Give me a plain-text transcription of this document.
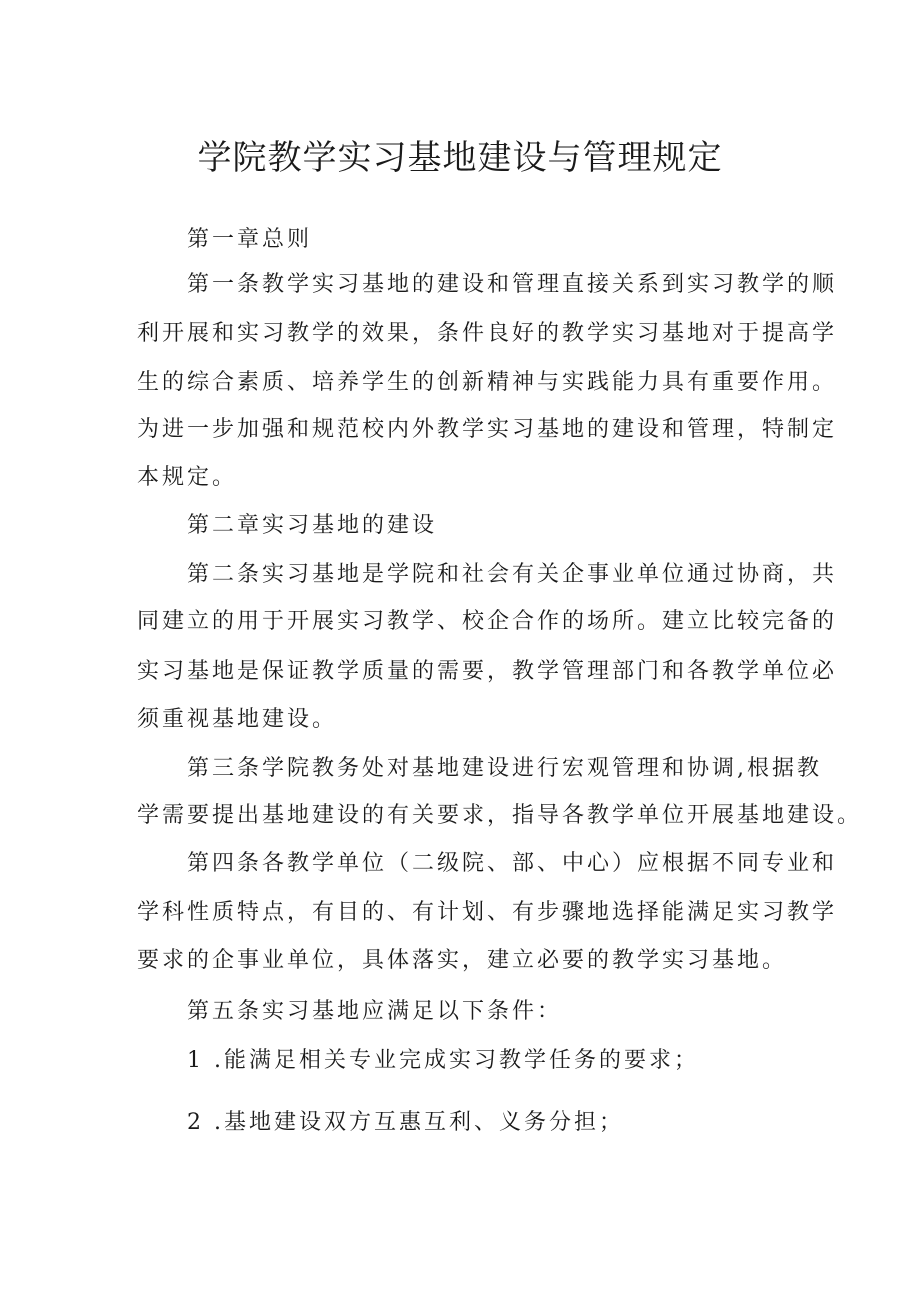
学院教学实习基地建设与管理规定
第一章总则
第一条教学实习基地的建设和管理直接关系到实习教学的顺
利开展和实习教学的效果，条件良好的教学实习基地对于提高学
生的综合素质、培养学生的创新精神与实践能力具有重要作用。
为进一步加强和规范校内外教学实习基地的建设和管理，特制定
本规定。
第二章实习基地的建设
第二条实习基地是学院和社会有关企事业单位通过协商，共
同建立的用于开展实习教学、校企合作的场所。建立比较完备的
实习基地是保证教学质量的需要，教学管理部门和各教学单位必
须重视基地建设。
第三条学院教务处对基地建设进行宏观管理和协调,根据教
学需要提出基地建设的有关要求，指导各教学单位开展基地建设。
第四条各教学单位（二级院、部、中心）应根据不同专业和
学科性质特点，有目的、有计划、有步骤地选择能满足实习教学
要求的企事业单位，具体落实，建立必要的教学实习基地。
第五条实习基地应满足以下条件：
1 .能满足相关专业完成实习教学任务的要求；
2 .基地建设双方互惠互利、义务分担；
